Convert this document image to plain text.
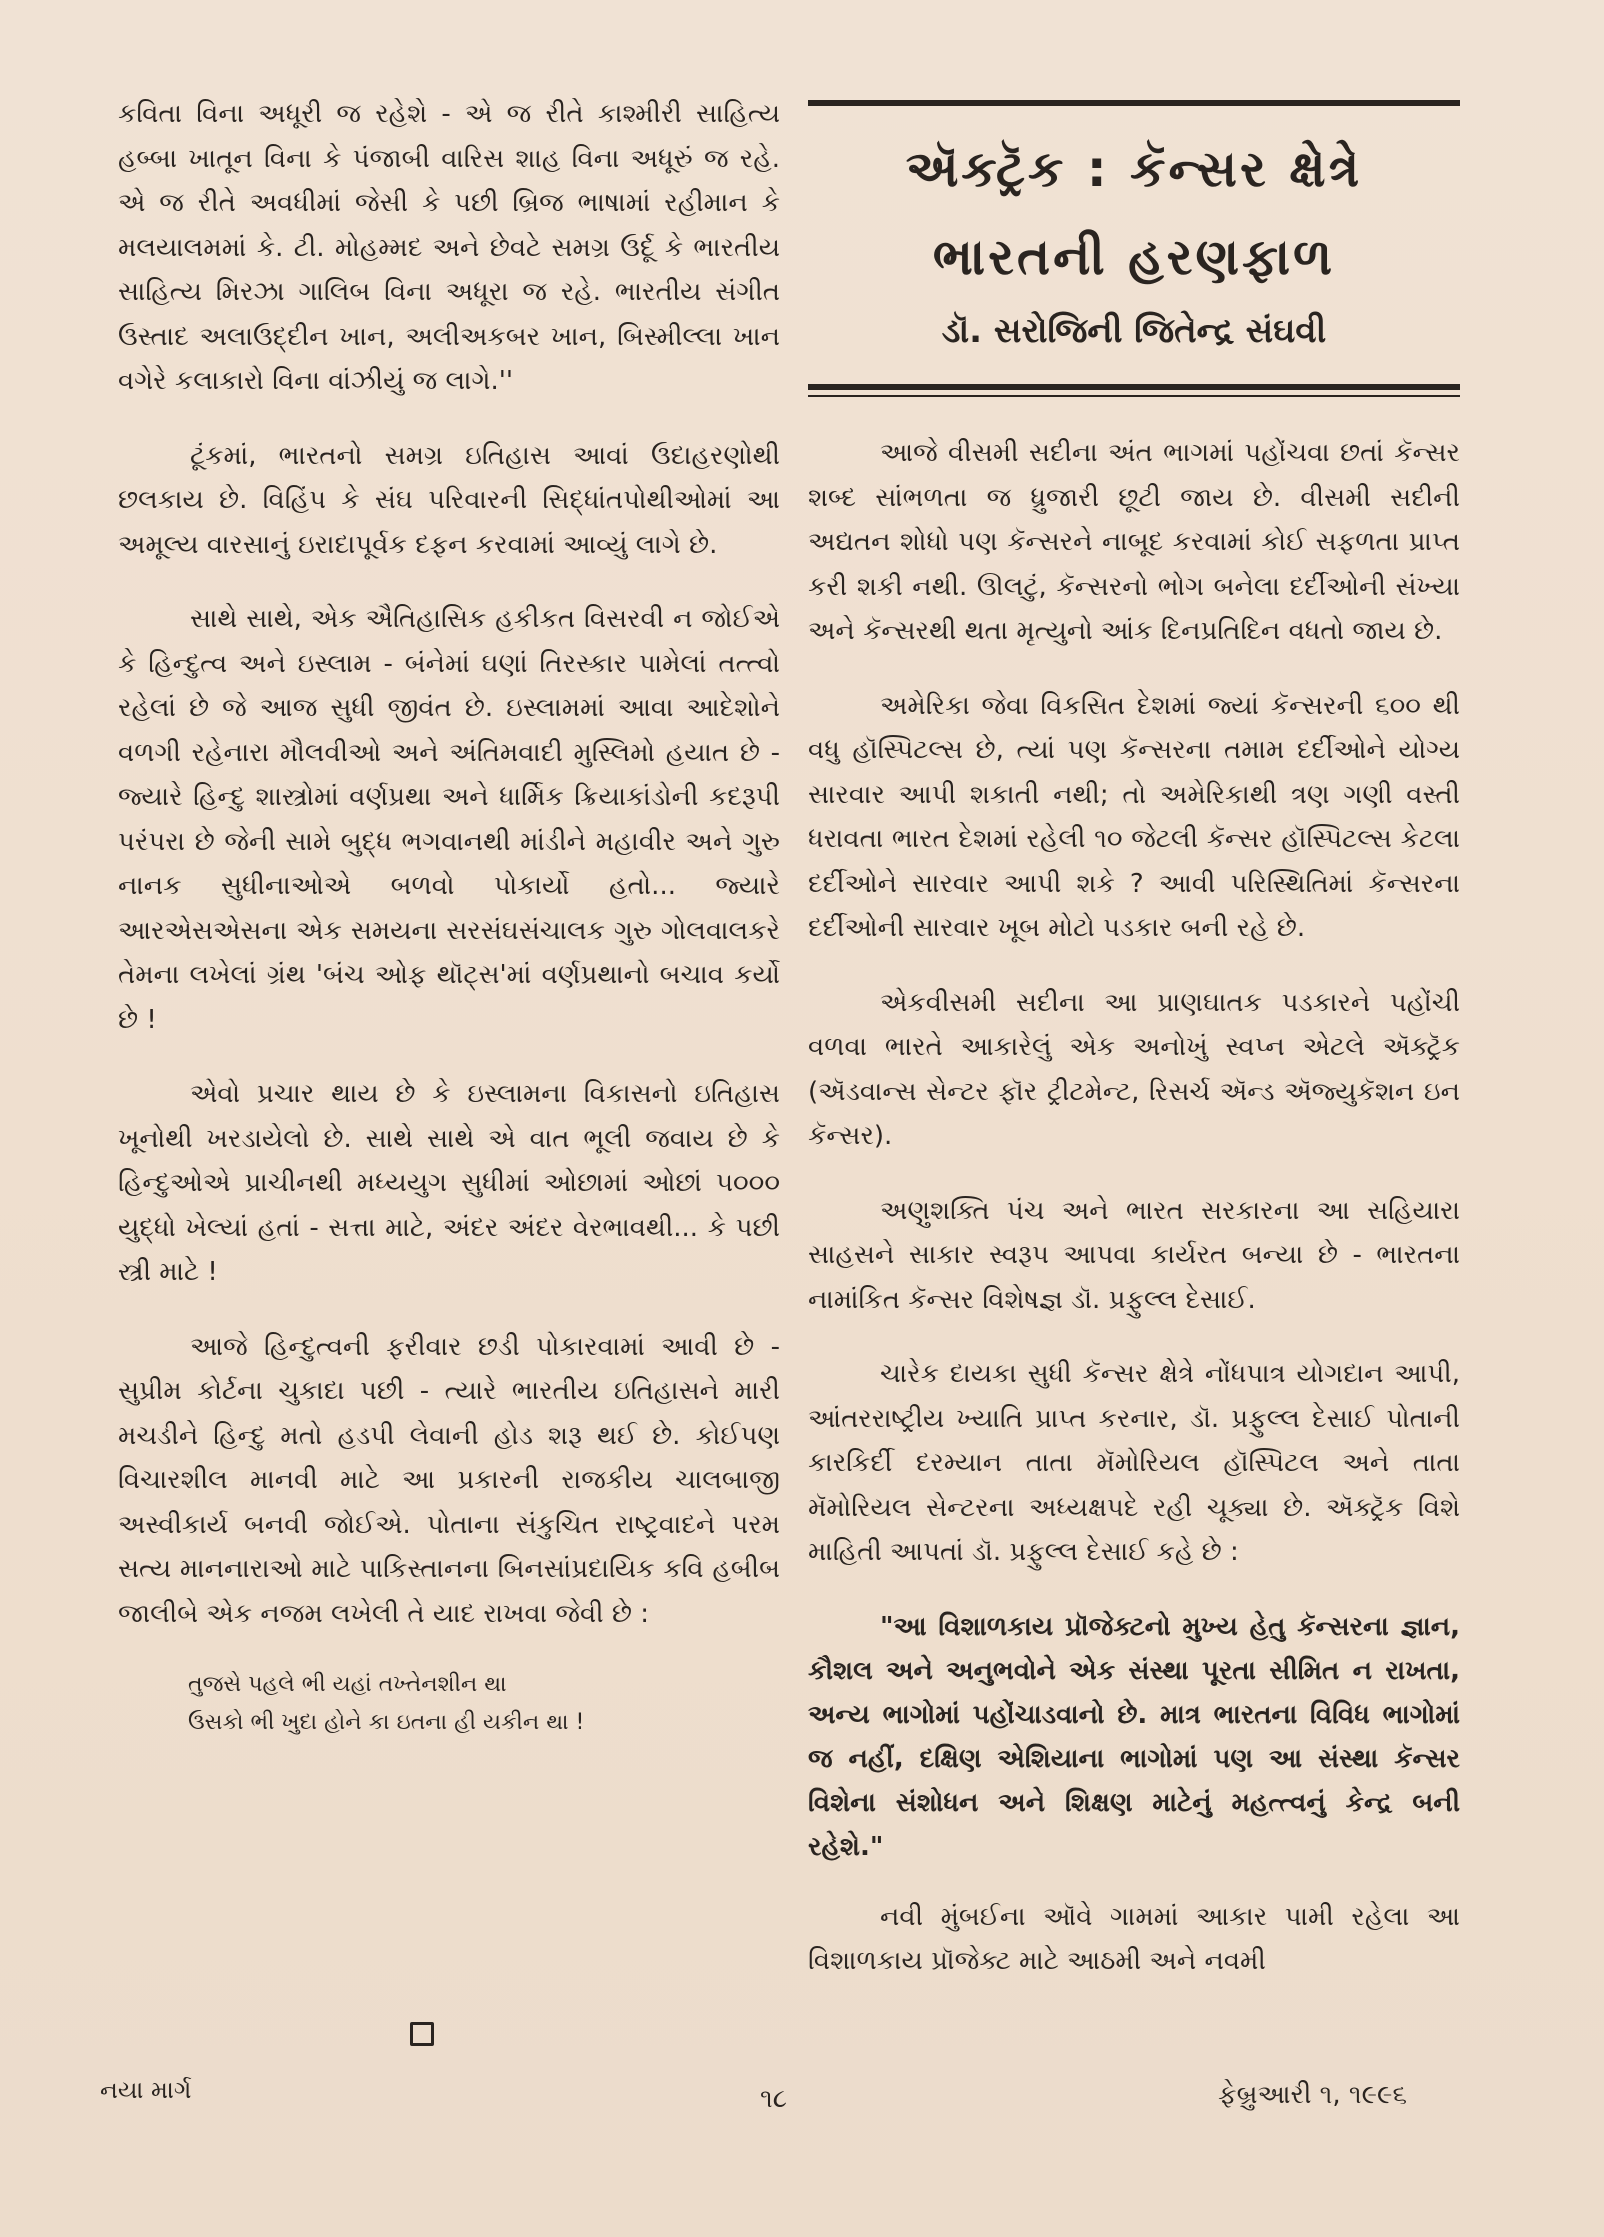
કવિતા વિના અધૂરી જ રહેશે - એ જ રીતે કાશ્મીરી સાહિત્ય હબ્બા ખાતૂન વિના કે પંજાબી વારિસ શાહ વિના અધૂરું જ રહે. એ જ રીતે અવધીમાં જેસી કે પછી બ્રિજ ભાષામાં રહીમાન કે મલયાલમમાં કે. ટી. મોહમ્મદ અને છેવટે સમગ્ર ઉર્દૂ કે ભારતીય સાહિત્ય મિરઝા ગાલિબ વિના અધૂરા જ રહે. ભારતીય સંગીત ઉસ્તાદ અલાઉદ્દીન ખાન, અલીઅકબર ખાન, બિસ્મીલ્લા ખાન વગેરે કલાકારો વિના વાંઝીયું જ લાગે.''

ટૂંકમાં, ભારતનો સમગ્ર ઇતિહાસ આવાં ઉદાહરણોથી છલકાય છે. વિહિંપ કે સંઘ પરિવારની સિદ્ધાંતપોથીઓમાં આ અમૂલ્ય વારસાનું ઇરાદાપૂર્વક દફન કરવામાં આવ્યું લાગે છે.

સાથે સાથે, એક ઐતિહાસિક હકીકત વિસરવી ન જોઈએ કે હિન્દુત્વ અને ઇસ્લામ - બંનેમાં ઘણાં તિરસ્કાર પામેલાં તત્ત્વો રહેલાં છે જે આજ સુધી જીવંત છે. ઇસ્લામમાં આવા આદેશોને વળગી રહેનારા મૌલવીઓ અને અંતિમવાદી મુસ્લિમો હયાત છે - જ્યારે હિન્દુ શાસ્ત્રોમાં વર્ણપ્રથા અને ધાર્મિક ક્રિયાકાંડોની કદરૂપી પરંપરા છે જેની સામે બુદ્ધ ભગવાનથી માંડીને મહાવીર અને ગુરુ નાનક સુધીનાઓએ બળવો પોકાર્યો હતો... જ્યારે આરએસએસના એક સમયના સરસંઘસંચાલક ગુરુ ગોલવાલકરે તેમના લખેલાં ગ્રંથ 'બંચ ઓફ થૉટ્સ'માં વર્ણપ્રથાનો બચાવ કર્યો છે !

એવો પ્રચાર થાય છે કે ઇસ્લામના વિકાસનો ઇતિહાસ ખૂનોથી ખરડાયેલો છે. સાથે સાથે એ વાત ભૂલી જવાય છે કે હિન્દુઓએ પ્રાચીનથી મધ્યયુગ સુધીમાં ઓછામાં ઓછાં ૫૦૦૦ યુદ્ધો ખેલ્યાં હતાં - સત્તા માટે, અંદર અંદર વેરભાવથી... કે પછી સ્ત્રી માટે !

આજે હિન્દુત્વની ફરીવાર છડી પોકારવામાં આવી છે - સુપ્રીમ કોર્ટના ચુકાદા પછી - ત્યારે ભારતીય ઇતિહાસને મારી મચડીને હિન્દુ મતો હડપી લેવાની હોડ શરૂ થઈ છે. કોઈપણ વિચારશીલ માનવી માટે આ પ્રકારની રાજકીય ચાલબાજી અસ્વીકાર્ય બનવી જોઈએ. પોતાના સંકુચિત રાષ્ટ્રવાદને પરમ સત્ય માનનારાઓ માટે પાકિસ્તાનના બિનસાંપ્રદાયિક કવિ હબીબ જાલીબે એક નજમ લખેલી તે યાદ રાખવા જેવી છે :

તુજસે પહલે ભી યહાં તખ્તેનશીન થા
ઉસકો ભી ખુદા હોને કા ઇતના હી યકીન થા !
ઍક્ટ્રૅક : કૅન્સર ક્ષેત્રે
ભારતની હરણફાળ
ડૉ. સરોજિની જિતેન્દ્ર સંઘવી

આજે વીસમી સદીના અંત ભાગમાં પહોંચવા છતાં કૅન્સર શબ્દ સાંભળતા જ ધ્રુજારી છૂટી જાય છે. વીસમી સદીની અદ્યતન શોધો પણ કૅન્સરને નાબૂદ કરવામાં કોઈ સફળતા પ્રાપ્ત કરી શકી નથી. ઊલટું, કૅન્સરનો ભોગ બનેલા દર્દીઓની સંખ્યા અને કૅન્સરથી થતા મૃત્યુનો આંક દિનપ્રતિદિન વધતો જાય છે.

અમેરિકા જેવા વિકસિત દેશમાં જ્યાં કૅન્સરની ૬૦૦ થી વધુ હૉસ્પિટલ્સ છે, ત્યાં પણ કૅન્સરના તમામ દર્દીઓને યોગ્ય સારવાર આપી શકાતી નથી; તો અમેરિકાથી ત્રણ ગણી વસ્તી ધરાવતા ભારત દેશમાં રહેલી ૧૦ જેટલી કૅન્સર હૉસ્પિટલ્સ કેટલા દર્દીઓને સારવાર આપી શકે ? આવી પરિસ્થિતિમાં કૅન્સરના દર્દીઓની સારવાર ખૂબ મોટો પડકાર બની રહે છે.

એકવીસમી સદીના આ પ્રાણઘાતક પડકારને પહોંચી વળવા ભારતે આકારેલું એક અનોખું સ્વપ્ન એટલે ઍક્ટ્રૅક (ઍડવાન્સ સેન્ટર ફૉર ટ્રીટમેન્ટ, રિસર્ચ ઍન્ડ ઍજ્યુકૅશન ઇન કૅન્સર).

અણુશક્તિ પંચ અને ભારત સરકારના આ સહિયારા સાહસને સાકાર સ્વરૂપ આપવા કાર્યરત બન્યા છે - ભારતના નામાંકિત કૅન્સર વિશેષજ્ઞ ડૉ. પ્રફુલ્લ દેસાઈ.

ચારેક દાયકા સુધી કૅન્સર ક્ષેત્રે નોંધપાત્ર યોગદાન આપી, આંતરરાષ્ટ્રીય ખ્યાતિ પ્રાપ્ત કરનાર, ડૉ. પ્રફુલ્લ દેસાઈ પોતાની કારકિર્દી દરમ્યાન તાતા મૅમોરિયલ હૉસ્પિટલ અને તાતા મૅમોરિયલ સેન્ટરના અધ્યક્ષપદે રહી ચૂક્યા છે. ઍક્ટ્રૅક વિશે માહિતી આપતાં ડૉ. પ્રફુલ્લ દેસાઈ કહે છે :

"આ વિશાળકાય પ્રૉજેક્ટનો મુખ્ય હેતુ કૅન્સરના જ્ઞાન, કૌશલ અને અનુભવોને એક સંસ્થા પૂરતા સીમિત ન રાખતા, અન્ય ભાગોમાં પહોંચાડવાનો છે. માત્ર ભારતના વિવિધ ભાગોમાં જ નહીં, દક્ષિણ એશિયાના ભાગોમાં પણ આ સંસ્થા કૅન્સર વિશેના સંશોધન અને શિક્ષણ માટેનું મહત્ત્વનું કેન્દ્ર બની રહેશે."

નવી મુંબઈના ઑવે ગામમાં આકાર પામી રહેલા આ વિશાળકાય પ્રૉજેક્ટ માટે આઠમી અને નવમી

નયા માર્ગ	૧૮	ફેબ્રુઆરી ૧, ૧૯૯૬
